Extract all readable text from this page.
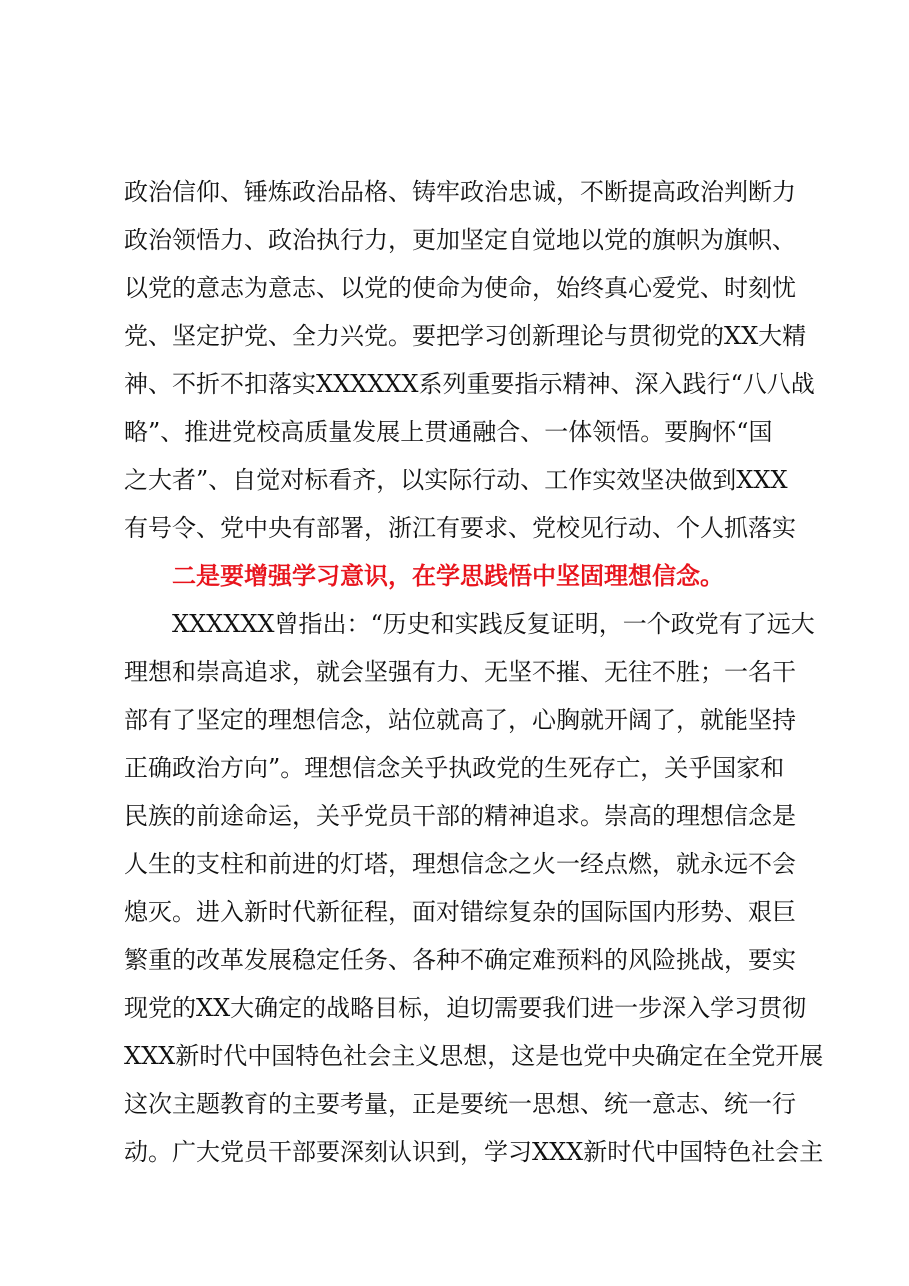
政治信仰、锤炼政治品格、铸牢政治忠诚，不断提高政治判断力
政治领悟力、政治执行力，更加坚定自觉地以党的旗帜为旗帜、
以党的意志为意志、以党的使命为使命，始终真心爱党、时刻忧
党、坚定护党、全力兴党。要把学习创新理论与贯彻党的XX大精
神、不折不扣落实XXXXXX系列重要指示精神、深入践行“八八战
略”、推进党校高质量发展上贯通融合、一体领悟。要胸怀“国
之大者”、自觉对标看齐，以实际行动、工作实效坚决做到XXX
有号令、党中央有部署，浙江有要求、党校见行动、个人抓落实
二是要增强学习意识，在学思践悟中坚固理想信念。
XXXXXX曾指出：“历史和实践反复证明，一个政党有了远大
理想和崇高追求，就会坚强有力、无坚不摧、无往不胜；一名干
部有了坚定的理想信念，站位就高了，心胸就开阔了，就能坚持
正确政治方向”。理想信念关乎执政党的生死存亡，关乎国家和
民族的前途命运，关乎党员干部的精神追求。崇高的理想信念是
人生的支柱和前进的灯塔，理想信念之火一经点燃，就永远不会
熄灭。进入新时代新征程，面对错综复杂的国际国内形势、艰巨
繁重的改革发展稳定任务、各种不确定难预料的风险挑战，要实
现党的XX大确定的战略目标，迫切需要我们进一步深入学习贯彻
XXX新时代中国特色社会主义思想，这是也党中央确定在全党开展
这次主题教育的主要考量，正是要统一思想、统一意志、统一行
动。广大党员干部要深刻认识到，学习XXX新时代中国特色社会主
